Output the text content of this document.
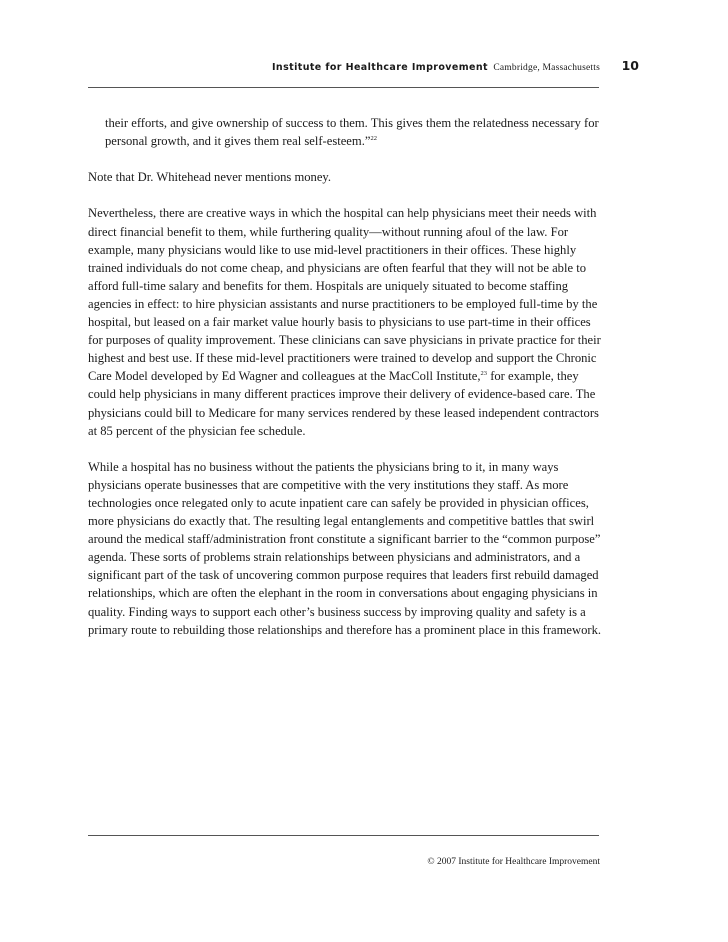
Institute for Healthcare Improvement Cambridge, Massachusetts 10

their efforts, and give ownership of success to them. This gives them the relatedness necessary for personal growth, and it gives them real self-esteem.”$^{22}$

Note that Dr. Whitehead never mentions money.

Nevertheless, there are creative ways in which the hospital can help physicians meet their needs with direct financial benefit to them, while furthering quality—without running afoul of the law. For example, many physicians would like to use mid-level practitioners in their offices. These highly trained individuals do not come cheap, and physicians are often fearful that they will not be able to afford full-time salary and benefits for them. Hospitals are uniquely situated to become staffing agencies in effect: to hire physician assistants and nurse practitioners to be employed full-time by the hospital, but leased on a fair market value hourly basis to physicians to use part-time in their offices for purposes of quality improvement. These clinicians can save physicians in private practice for their highest and best use. If these mid-level practitioners were trained to develop and support the Chronic Care Model developed by Ed Wagner and colleagues at the MacColl Institute,$^{23}$ for example, they could help physicians in many different practices improve their delivery of evidence-based care. The physicians could bill to Medicare for many services rendered by these leased independent contractors at 85 percent of the physician fee schedule.

While a hospital has no business without the patients the physicians bring to it, in many ways physicians operate businesses that are competitive with the very institutions they staff. As more technologies once relegated only to acute inpatient care can safely be provided in physician offices, more physicians do exactly that. The resulting legal entanglements and competitive battles that swirl around the medical staff/administration front constitute a significant barrier to the “common purpose” agenda. These sorts of problems strain relationships between physicians and administrators, and a significant part of the task of uncovering common purpose requires that leaders first rebuild damaged relationships, which are often the elephant in the room in conversations about engaging physicians in quality. Finding ways to support each other’s business success by improving quality and safety is a primary route to rebuilding those relationships and therefore has a prominent place in this framework.

© 2007 Institute for Healthcare Improvement
